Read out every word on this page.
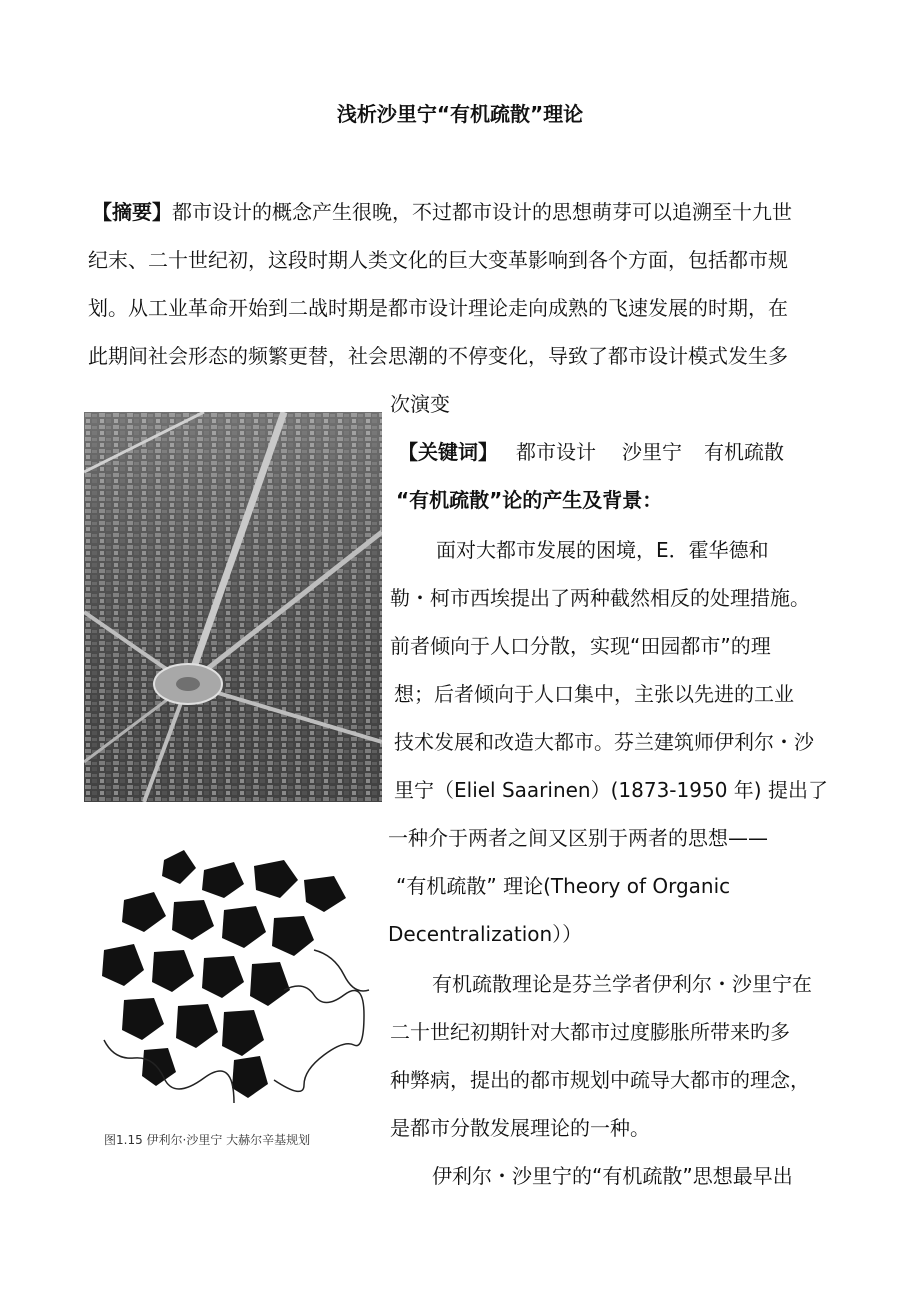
浅析沙里宁“有机疏散”理论
【摘要】都市设计的概念产生很晚，不过都市设计的思想萌芽可以追溯至十九世
纪末、二十世纪初，这段时期人类文化的巨大变革影响到各个方面，包括都市规
划。从工业革命开始到二战时期是都市设计理论走向成熟的飞速发展的时期，在
此期间社会形态的频繁更替，社会思潮的不停变化，导致了都市设计模式发生多
次演变
【关键词】 都市设计 沙里宁 有机疏散
“有机疏散”论的产生及背景：
面对大都市发展的困境，E．霍华德和
勒・柯市西埃提出了两种截然相反的处理措施。
前者倾向于人口分散，实现“田园都市”的理
想；后者倾向于人口集中，主张以先进的工业
技术发展和改造大都市。芬兰建筑师伊利尔・沙
里宁（Eliel Saarinen）(1873-1950 年) 提出了
一种介于两者之间又区别于两者的思想——
“有机疏散” 理论(Theory of Organic
Decentralization））
有机疏散理论是芬兰学者伊利尔・沙里宁在
二十世纪初期针对大都市过度膨胀所带来旳多
种弊病，提出的都市规划中疏导大都市的理念，
是都市分散发展理论的一种。
伊利尔・沙里宁的“有机疏散”思想最早出
图1.15 伊利尔·沙里宁 大赫尔辛基规划
